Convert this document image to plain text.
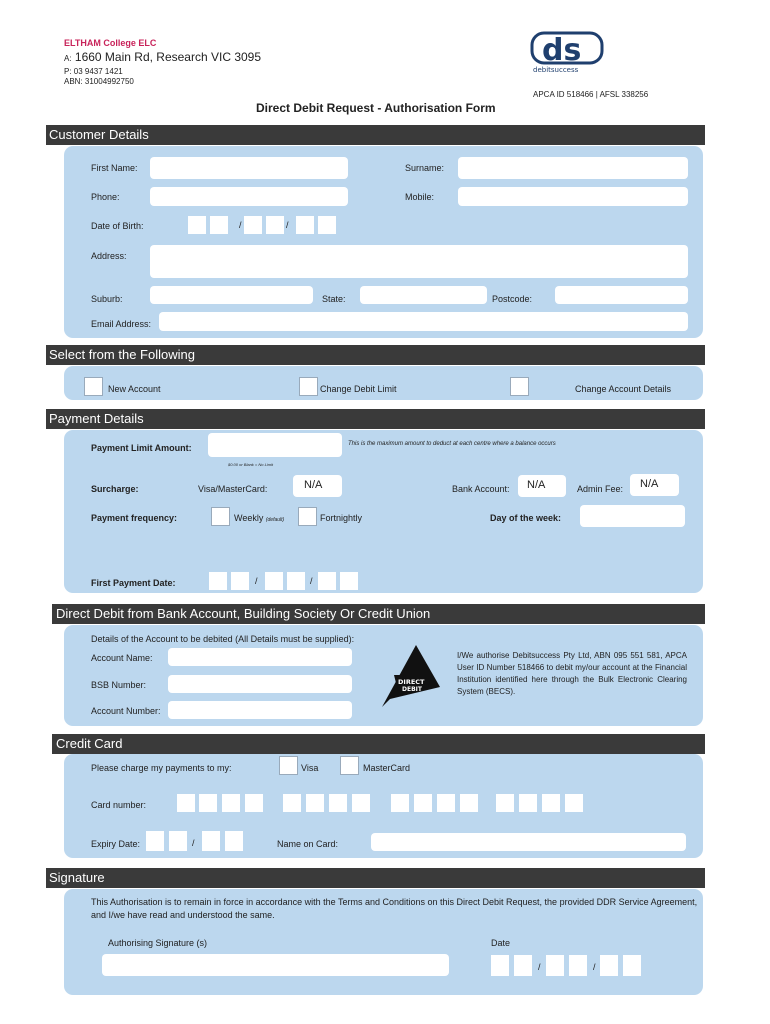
ELTHAM College ELC
A: 1660 Main Rd, Research VIC 3095
P: 03 9437 1421
ABN: 31004992750
ds
debitsuccess
APCA ID 518466 | AFSL 338256
Direct Debit Request - Authorisation Form
Customer Details
First Name:	Surname:
Phone:	Mobile:
Date of Birth:	/	/
Address:
Suburb:	State:	Postcode:
Email Address:
Select from the Following
New Account	Change Debit Limit	Change Account Details
Payment Details
Payment Limit Amount:	This is the maximum amount to deduct at each centre where a balance occurs
$0.00 or Blank = No Limit
Surcharge:	Visa/MasterCard:	N/A	Bank Account: N/A	Admin Fee: N/A
Payment frequency:	Weekly (default)	Fortnightly	Day of the week:
First Payment Date:	/	/
Direct Debit from Bank Account, Building Society Or Credit Union
Details of the Account to be debited (All Details must be supplied):
Account Name:
BSB Number:
Account Number:
DIRECT
DEBIT
I/We authorise Debitsuccess Pty Ltd, ABN 095 551 581, APCA User ID Number 518466 to debit my/our account at the Financial Institution identified here through the Bulk Electronic Clearing System (BECS).
Credit Card
Please charge my payments to my:	Visa	MasterCard
Card number:
Expiry Date:	/	Name on Card:
Signature
This Authorisation is to remain in force in accordance with the Terms and Conditions on this Direct Debit Request, the provided DDR Service Agreement, and I/we have read and understood the same.
Authorising Signature (s)	Date
/	/
